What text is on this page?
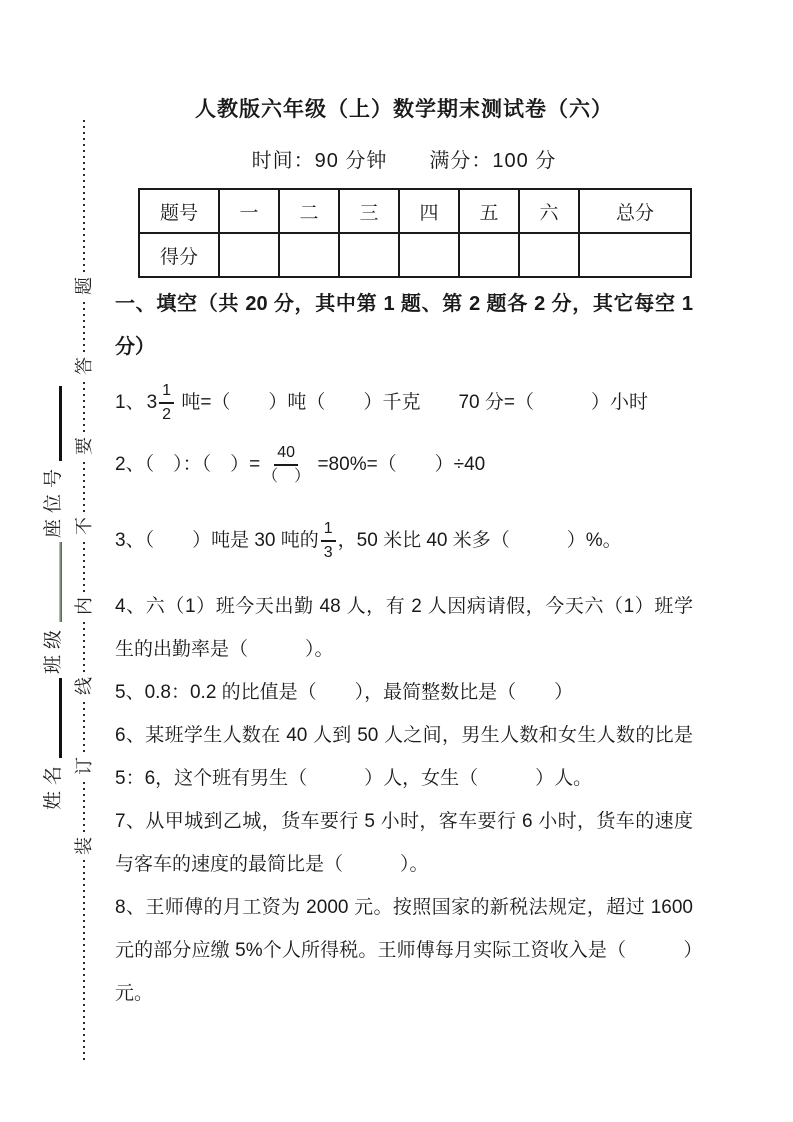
装
订
线
内
不
要
答
题
姓名
班级
座位号
人教版六年级（上）数学期末测试卷（六）
时间：90 分钟　　满分：100 分
题号	一	二	三	四	五	六	总分
得分							
一、填空（共 20 分，其中第 1 题、第 2 题各 2 分，其它每空 1 分）
1、 $3 \frac{1}{2}$ 吨=（　　）吨（　　）千克　　70 分=（　　　）小时
2、（　）：（　）= $\frac{40}{( )} =80\%=$（　　）÷40
3、（　　）吨是 30 吨的 $\frac{1}{3}$ ，50 米比 40 米多（　　　）%。
4、六（1）班今天出勤 48 人，有 2 人因病请假，今天六（1）班学生的出勤率是（　　　）。
5、0.8：0.2 的比值是（　　），最简整数比是（　　）
6、某班学生人数在 40 人到 50 人之间，男生人数和女生人数的比是 5：6，这个班有男生（　　　）人，女生（　　　）人。
7、从甲城到乙城，货车要行 5 小时，客车要行 6 小时，货车的速度与客车的速度的最简比是（　　　）。
8、王师傅的月工资为 2000 元。按照国家的新税法规定，超过 1600 元的部分应缴 5%个人所得税。王师傅每月实际工资收入是（　　　）元。
